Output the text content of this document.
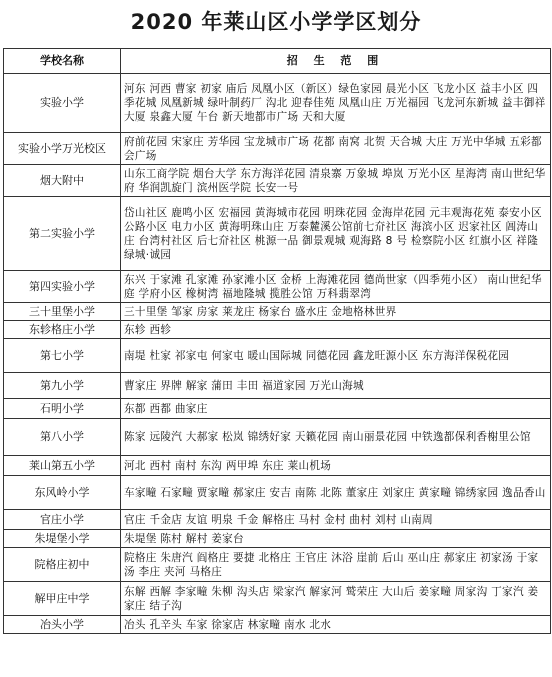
2020 年莱山区小学学区划分
学校名称	招 生 范 围
实验小学	河东 河西 曹家 初家 庙后 凤凰小区（新区）绿色家园 晨光小区 飞龙小区 益丰小区 四季花城 凤凰新城 绿叶制药厂 沟北 迎春佳苑 凤凰山庄 万光福园 飞龙河东新城 益丰御祥大厦 泉鑫大厦 午台 新天地都市广场 天和大厦
实验小学万光校区	府前花园 宋家庄 芳华园 宝龙城市广场 花都 南窝 北贺 天合城 大庄 万光中华城 五彩都会广场
烟大附中	山东工商学院 烟台大学 东方海洋花园 清泉寨 万象城 埠岚 万光小区 星海湾 南山世纪华府 华润凯旋门 滨州医学院 长安一号
第二实验小学	岱山社区 鹿鸣小区 宏福园 黄海城市花园 明珠花园 金海岸花园 元丰观海花苑 泰安小区 公路小区 电力小区 黄海明珠山庄 万泰麓溪公馆前七夼社区 海滨小区 迟家社区 阊涛山庄 台湾村社区 后七夼社区 桃源一品 御景观城 观海路 8 号 检察院小区 红旗小区 祥隆绿城·诚园
第四实验小学	东兴 于家滩 孔家滩 孙家滩小区 金桥 上海滩花园 德尚世家（四季苑小区） 南山世纪华庭 学府小区 橡树湾 福地隆城 揽胜公馆 万科翡翠湾
三十里堡小学	三十里堡 邹家 房家 莱龙庄 杨家台 盛水庄 金地格林世界
东轸格庄小学	东轸 西轸
第七小学	南堤 杜家 祁家屯 何家屯 暖山国际城 同德花园 鑫龙旺源小区 东方海洋保税花园
第九小学	曹家庄 界牌 解家 蒲田 丰田 福道家园 万光山海城
石明小学	东都 西都 曲家庄
第八小学	陈家 远陵汽 大郝家 松岚 锦绣好家 天籁花园 南山丽景花园 中铁逸都保利香榭里公馆
莱山第五小学	河北 西村 南村 东沟 两甲埠 东庄 莱山机场
东风岭小学	车家疃 石家疃 贾家疃 郝家庄 安吉 南陈 北陈 董家庄 刘家庄 黄家疃 锦绣家园 逸品香山
官庄小学	官庄 千金店 友谊 明泉 千金 解格庄 马村 金村 曲村 刘村 山南周
朱堤堡小学	朱堤堡 陈村 解村 姜家台
院格庄初中	院格庄 朱唐汽 阎格庄 要捷 北格庄 王官庄 沐浴 崖前 后山 巫山庄 郝家庄 初家汤 于家汤 李庄 夹河 马格庄
解甲庄中学	东解 西解 李家疃 朱柳 沟头店 梁家汽 解家河 鹫荣庄 大山后 姜家疃 周家沟 丁家汽 姜家庄 结子沟
冶头小学	冶头 孔辛头 车家 徐家店 林家疃 南水 北水
